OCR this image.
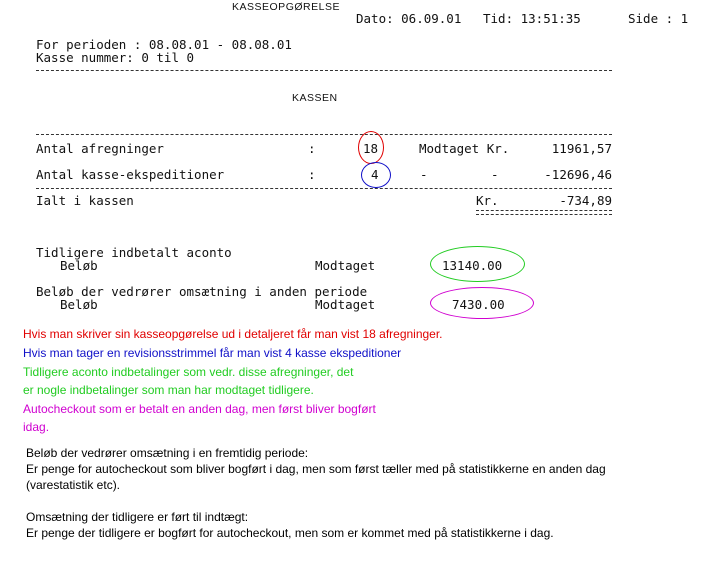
KASSEOPGØRELSE
Dato: 06.09.01 Tid: 13:51:35	Side : 1
For perioden : 08.08.01 - 08.08.01
Kasse nummer: 0 til 0
KASSEN
Antal afregninger	:	18	Modtaget Kr.	11961,57
Antal kasse-ekspeditioner	:	4	-	-	-12696,46
Ialt i kassen	Kr.	-734,89
Tidligere indbetalt aconto
Beløb	Modtaget	13140.00
Beløb der vedrører omsætning i anden periode
Beløb	Modtaget	7430.00
Hvis man skriver sin kasseopgørelse ud i detaljeret får man vist 18 afregninger.
Hvis man tager en revisionsstrimmel får man vist 4 kasse ekspeditioner
Tidligere aconto indbetalinger som vedr. disse afregninger, det
er nogle indbetalinger som man har modtaget tidligere.
Autocheckout som er betalt en anden dag, men først bliver bogført
idag.
Beløb der vedrører omsætning i en fremtidig periode:
Er penge for autocheckout som bliver bogført i dag, men som først tæller med på statistikkerne en anden dag
(varestatistik etc).
Omsætning der tidligere er ført til indtægt:
Er penge der tidligere er bogført for autocheckout, men som er kommet med på statistikkerne i dag.
